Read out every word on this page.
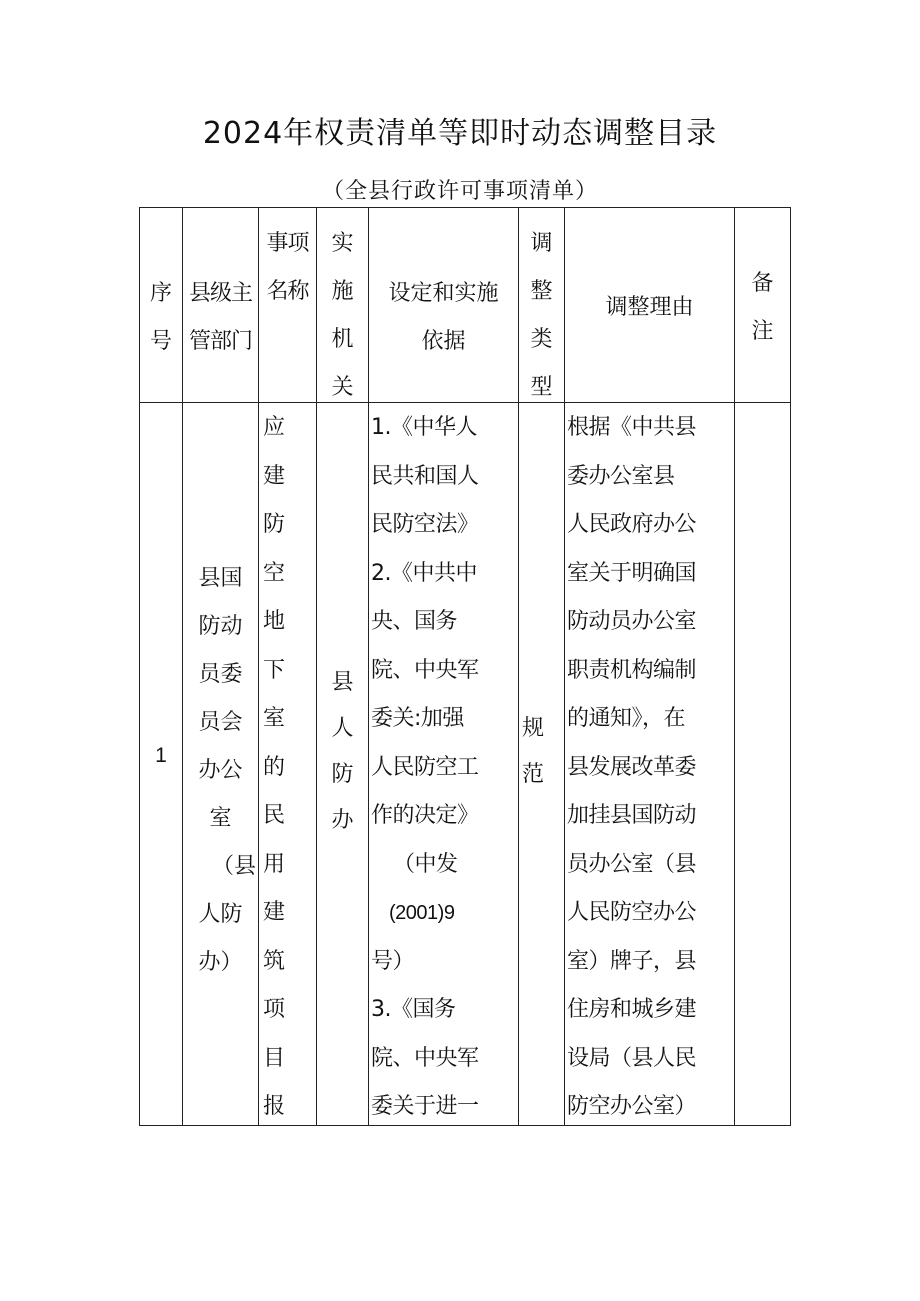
2024年权责清单等即时动态调整目录
（全县行政许可事项清单）
序
号
县级主
管部门
事项
名称
实
施
机
关
设定和实施
依据
调
整
类
型
调整理由
备
注
1
县国
防动
员委
员会
办公
室
（县
人防
办）
应
建
防
空
地
下
室
的
民
用
建
筑
项
目
报
县
人
防
办
1.《中华人
民共和国人
民防空法》
2.《中共中
央、国务
院、中央军
委关:加强
人民防空工
作的决定》
（中发
(2001)9
号）
3.《国务
院、中央军
委关于进一
规
范
根据《中共县
委办公室县
人民政府办公
室关于明确国
防动员办公室
职责机构编制
的通知》，在
县发展改革委
加挂县国防动
员办公室（县
人民防空办公
室）牌子，县
住房和城乡建
设局（县人民
防空办公室）
